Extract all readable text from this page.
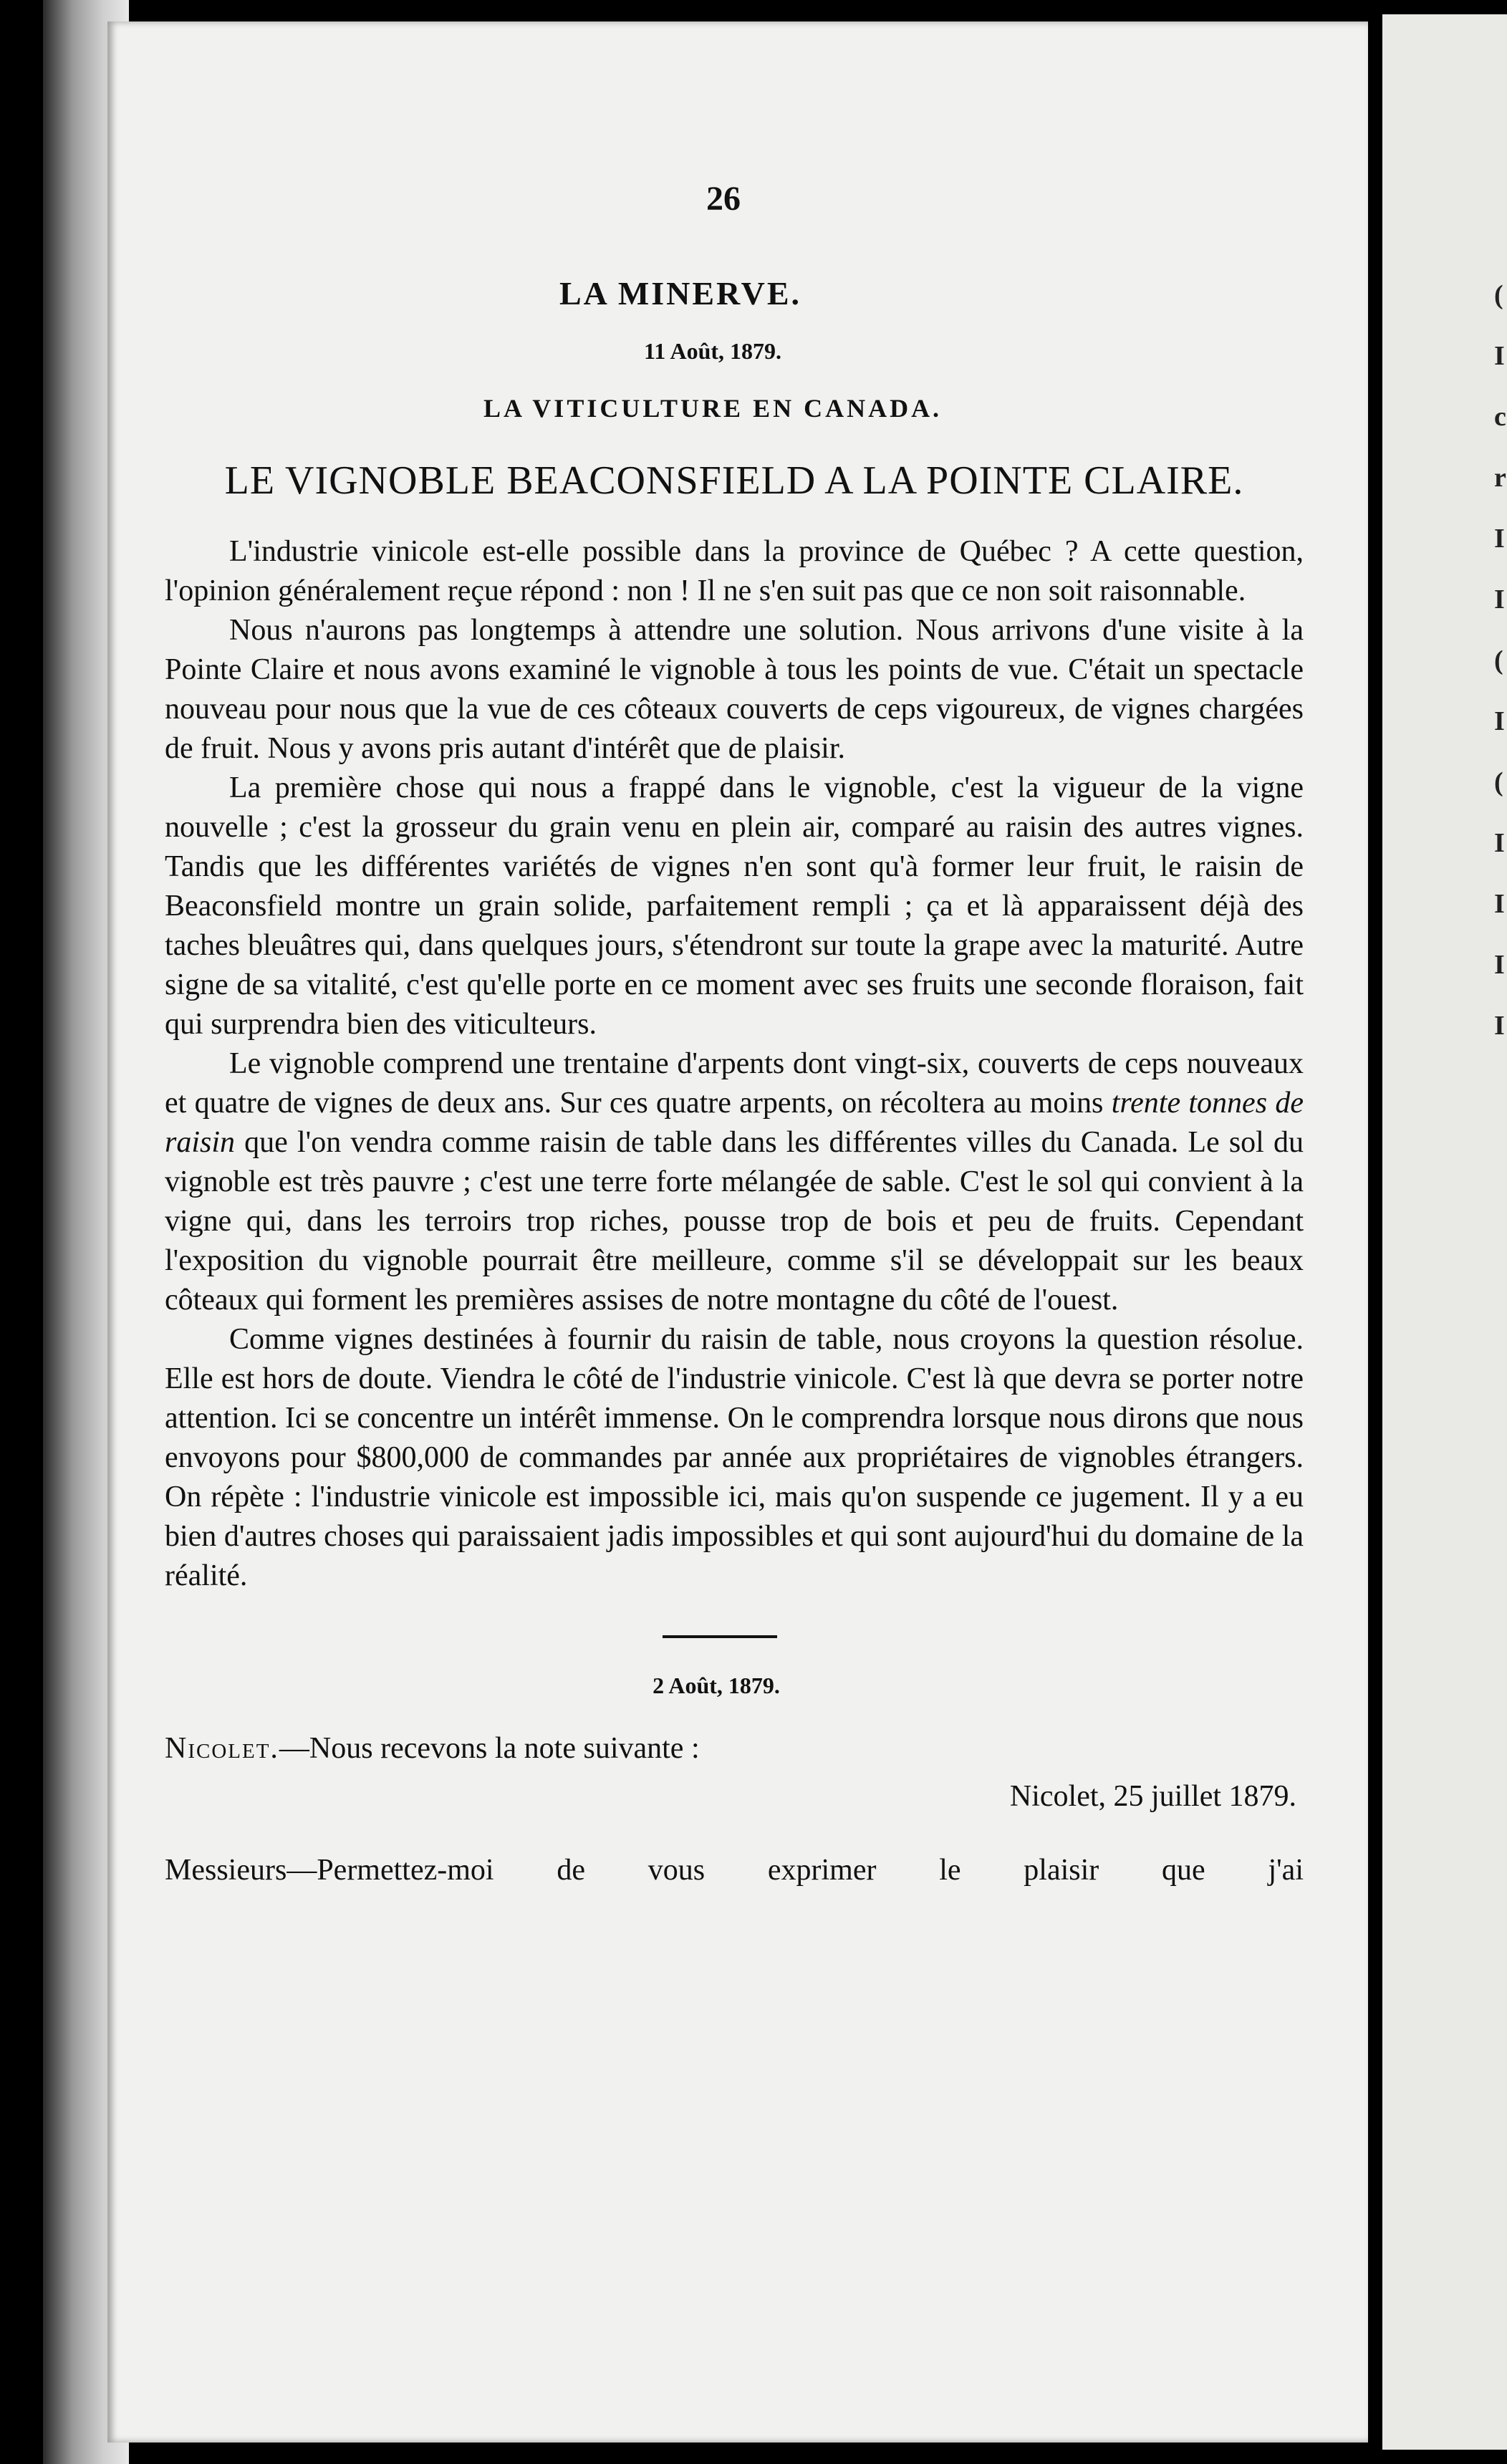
(
I
c
r
I
I
(
I
(
I
I
I
I
26
LA MINERVE.
11 Août, 1879.
LA VITICULTURE EN CANADA.
LE VIGNOBLE BEACONSFIELD A LA POINTE CLAIRE.

L'industrie vinicole est-elle possible dans la province de Québec ? A cette question, l'opinion généralement reçue répond : non ! Il ne s'en suit pas que ce non soit raisonnable.

Nous n'aurons pas longtemps à attendre une solution. Nous arrivons d'une visite à la Pointe Claire et nous avons examiné le vignoble à tous les points de vue. C'était un spectacle nouveau pour nous que la vue de ces côteaux couverts de ceps vigoureux, de vignes chargées de fruit. Nous y avons pris autant d'intérêt que de plaisir.

La première chose qui nous a frappé dans le vignoble, c'est la vigueur de la vigne nouvelle ; c'est la grosseur du grain venu en plein air, comparé au raisin des autres vignes. Tandis que les différentes variétés de vignes n'en sont qu'à former leur fruit, le raisin de Beaconsfield montre un grain solide, parfaitement rempli ; ça et là apparaissent déjà des taches bleuâtres qui, dans quelques jours, s'étendront sur toute la grape avec la maturité. Autre signe de sa vitalité, c'est qu'elle porte en ce moment avec ses fruits une seconde floraison, fait qui surprendra bien des viticulteurs.

Le vignoble comprend une trentaine d'arpents dont vingt-six, couverts de ceps nouveaux et quatre de vignes de deux ans. Sur ces quatre arpents, on récoltera au moins trente tonnes de raisin que l'on vendra comme raisin de table dans les différentes villes du Canada. Le sol du vignoble est très pauvre ; c'est une terre forte mélangée de sable. C'est le sol qui convient à la vigne qui, dans les terroirs trop riches, pousse trop de bois et peu de fruits. Cependant l'exposition du vignoble pourrait être meilleure, comme s'il se développait sur les beaux côteaux qui forment les premières assises de notre montagne du côté de l'ouest.

Comme vignes destinées à fournir du raisin de table, nous croyons la question résolue. Elle est hors de doute. Viendra le côté de l'industrie vinicole. C'est là que devra se porter notre attention. Ici se concentre un intérêt immense. On le comprendra lorsque nous dirons que nous envoyons pour $800,000 de commandes par année aux propriétaires de vignobles étrangers. On répète : l'industrie vinicole est impossible ici, mais qu'on suspende ce jugement. Il y a eu bien d'autres choses qui paraissaient jadis impossibles et qui sont aujourd'hui du domaine de la réalité.

2 Août, 1879.
Nicolet.—Nous recevons la note suivante :
Nicolet, 25 juillet 1879.
Messieurs—Permettez-moi de vous exprimer le plaisir que j'ai
